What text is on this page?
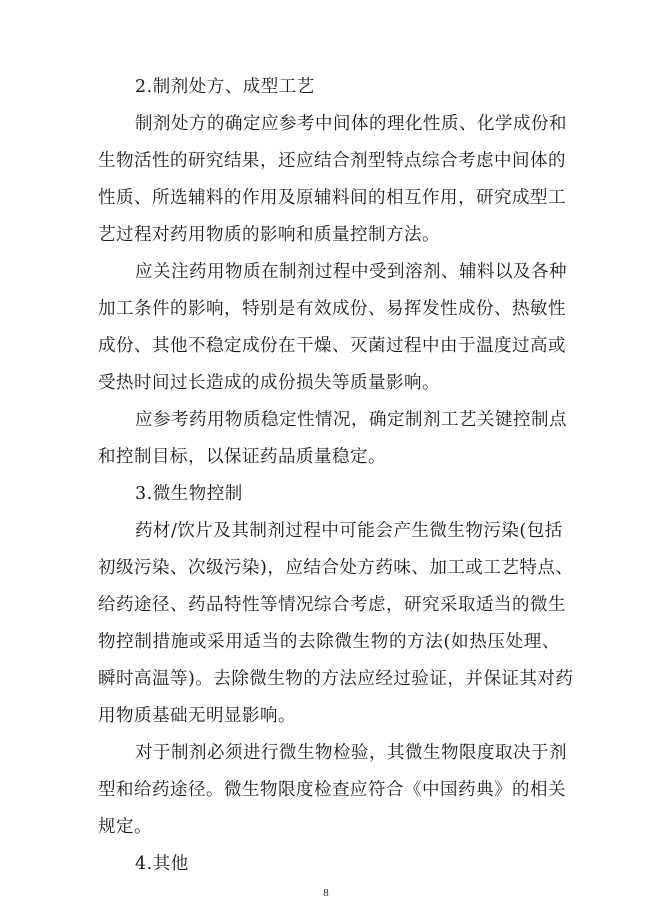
2.制剂处方、成型工艺
制剂处方的确定应参考中间体的理化性质、化学成份和
生物活性的研究结果，还应结合剂型特点综合考虑中间体的
性质、所选辅料的作用及原辅料间的相互作用，研究成型工
艺过程对药用物质的影响和质量控制方法。
应关注药用物质在制剂过程中受到溶剂、辅料以及各种
加工条件的影响，特别是有效成份、易挥发性成份、热敏性
成份、其他不稳定成份在干燥、灭菌过程中由于温度过高或
受热时间过长造成的成份损失等质量影响。
应参考药用物质稳定性情况，确定制剂工艺关键控制点
和控制目标，以保证药品质量稳定。
3.微生物控制
药材/饮片及其制剂过程中可能会产生微生物污染(包括
初级污染、次级污染)，应结合处方药味、加工或工艺特点、
给药途径、药品特性等情况综合考虑，研究采取适当的微生
物控制措施或采用适当的去除微生物的方法(如热压处理、
瞬时高温等)。去除微生物的方法应经过验证，并保证其对药
用物质基础无明显影响。
对于制剂必须进行微生物检验，其微生物限度取决于剂
型和给药途径。微生物限度检查应符合《中国药典》的相关
规定。
4.其他
8
